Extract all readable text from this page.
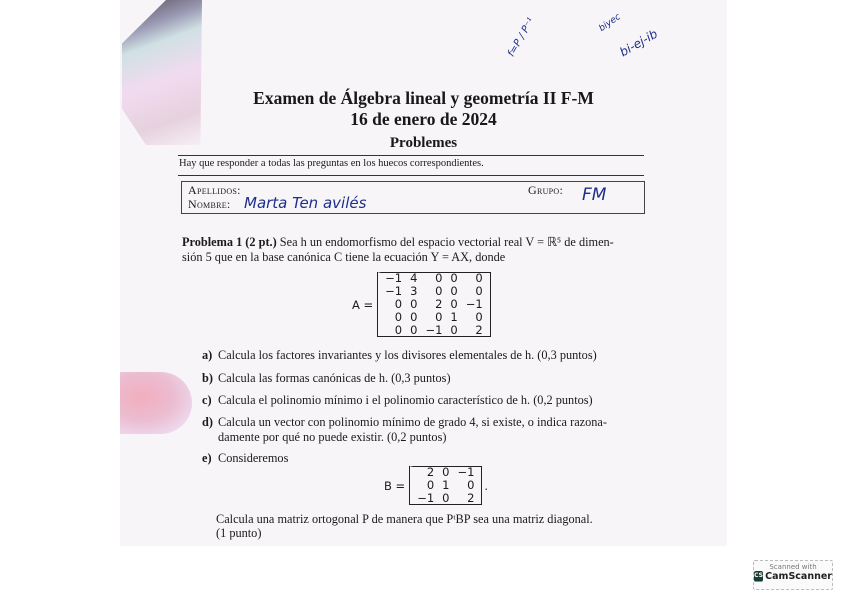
f=P / P⁻¹	biyec
bi-ej-ib
Examen de Álgebra lineal y geometría II F-M
16 de enero de 2024
Problemes
Hay que responder a todas las preguntas en los huecos correspondientes.
Apellidos:
Nombre: Marta Ten avilés
Grupo: FM
Problema 1 (2 pt.) Sea h un endomorfismo del espacio vectorial real V = ℝ⁵ de dimen-
sión 5 que en la base canónica C tiene la ecuación Y = AX, donde
A =
−1 4	0 0	0
−1 3	0 0	0
0 0	2 0 −1
0 0	0 1	0
0 0 −1 0	2
a) Calcula los factores invariantes y los divisores elementales de h. (0,3 puntos)
b) Calcula las formas canónicas de h. (0,3 puntos)
c) Calcula el polinomio mínimo i el polinomio característico de h. (0,2 puntos)
d) Calcula un vector con polinomio mínimo de grado 4, si existe, o indica razona-
damente por qué no puede existir. (0,2 puntos)
e) Consideremos
B =
2 0 −1
0 1	0
−1 0	2
.
Calcula una matriz ortogonal P de manera que PᵗBP sea una matriz diagonal.
(1 punto)
Scanned with
CS CamScanner
